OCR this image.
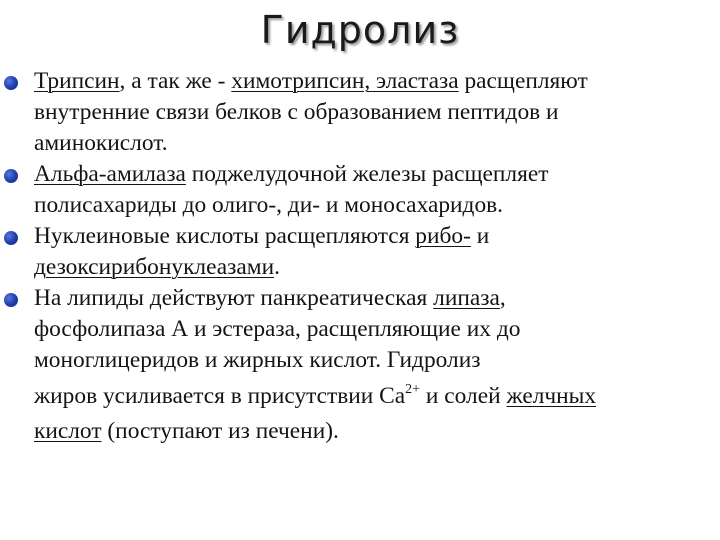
Гидролиз
Трипсин, а так же - химотрипсин, эластаза расщепляют
внутренние связи белков с образованием пептидов и
аминокислот.
Альфа-амилаза поджелудочной железы расщепляет
полисахариды до олиго-, ди- и моносахаридов.
Нуклеиновые кислоты расщепляются рибо- и
дезоксирибонуклеазами.
На липиды действуют панкреатическая липаза,
фосфолипаза А и эстераза, расщепляющие их до
моноглицеридов и жирных кислот. Гидролиз
жиров усиливается в присутствии $Са^{2+}$ и солей желчных
кислот (поступают из печени).
